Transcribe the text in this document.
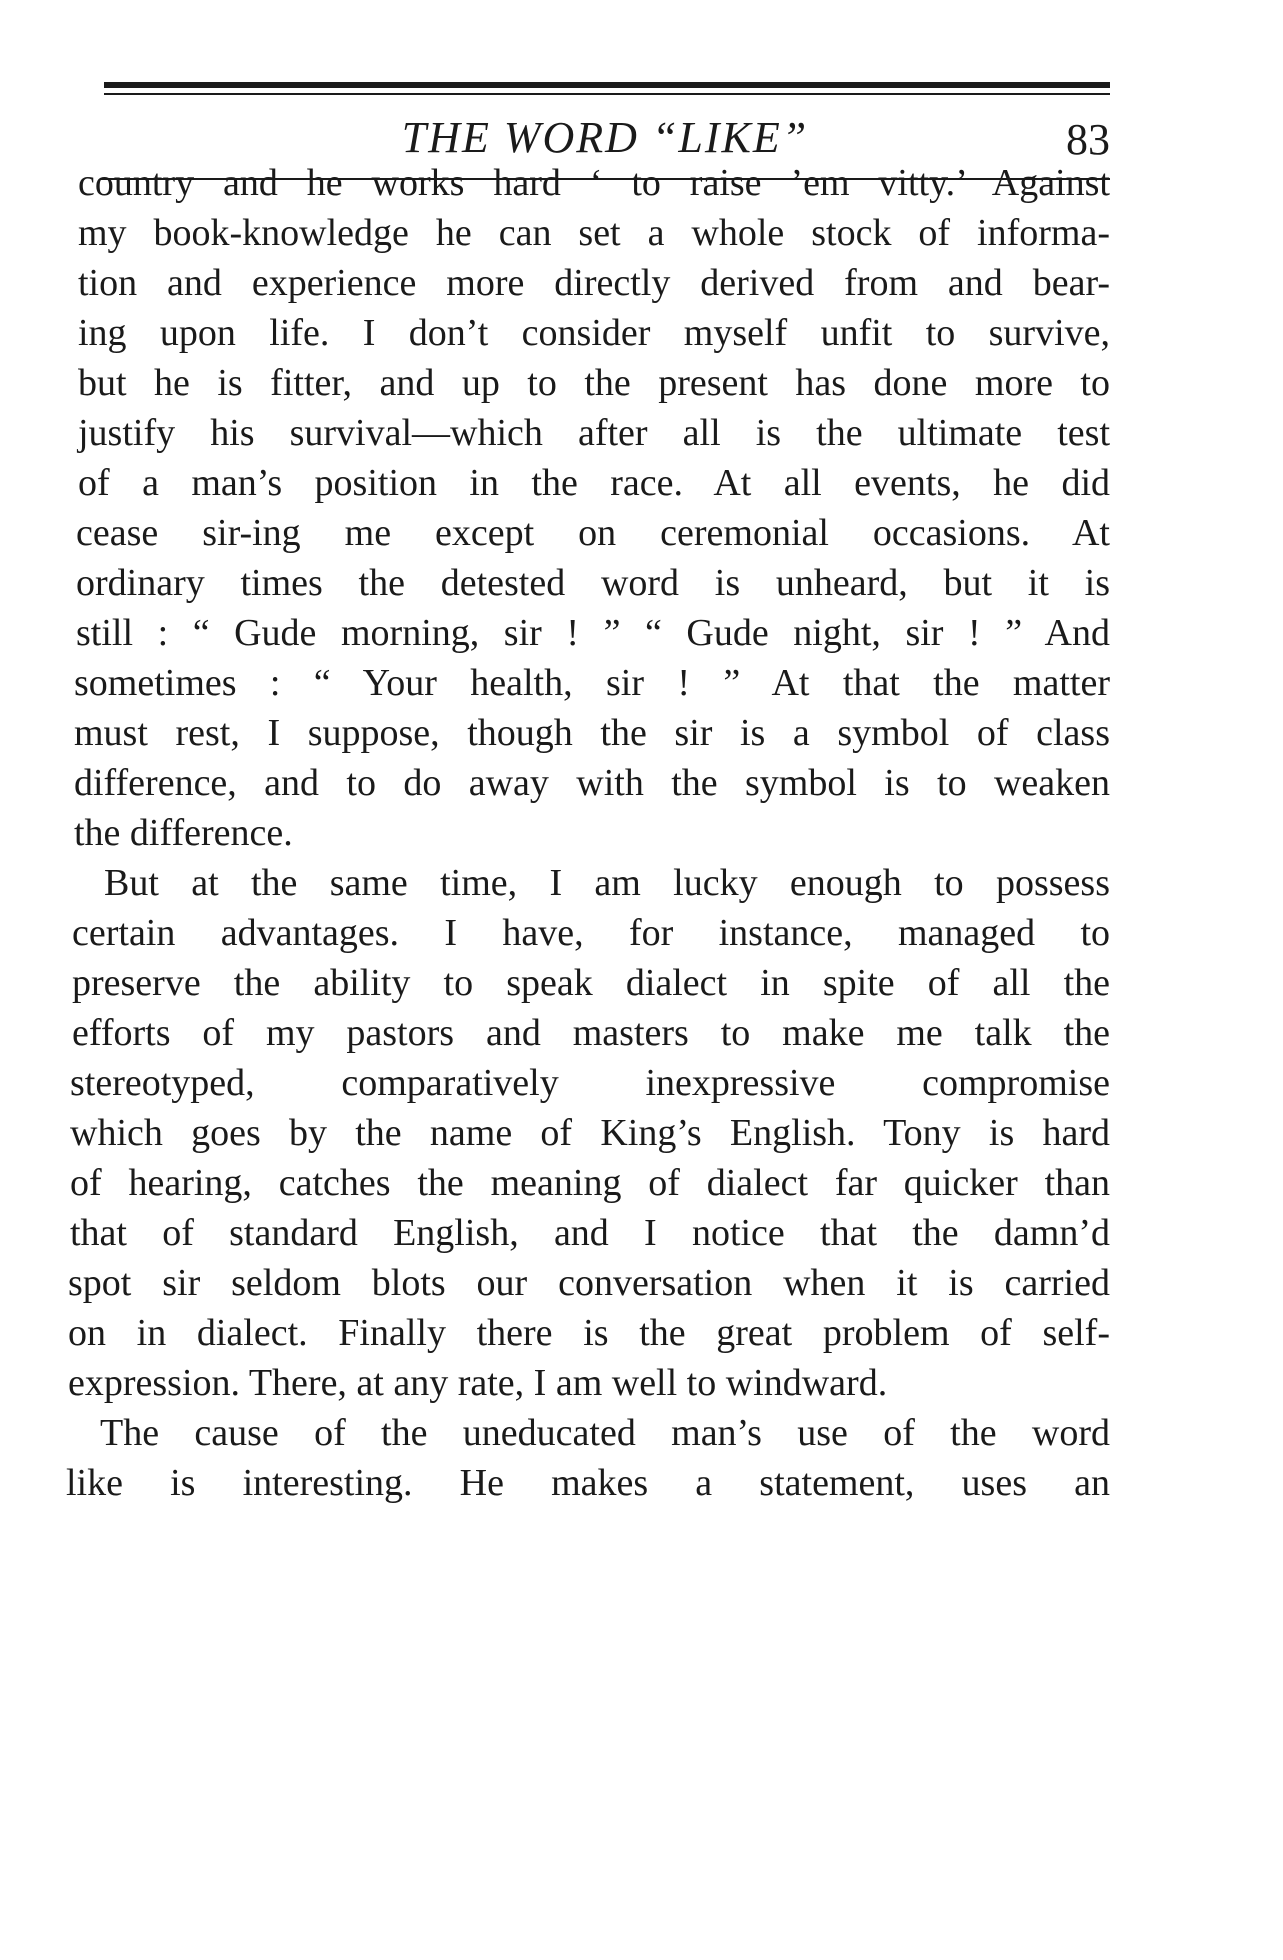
THE WORD “LIKE”	83
country and he works hard ‘ to raise ’em vitty.’ Against
my book-knowledge he can set a whole stock of informa-
tion and experience more directly derived from and bear-
ing upon life. I don’t consider myself unfit to survive,
but he is fitter, and up to the present has done more to
justify his survival—which after all is the ultimate test
of a man’s position in the race. At all events, he did
cease sir-ing me except on ceremonial occasions. At
ordinary times the detested word is unheard, but it is
still : “ Gude morning, sir ! ” “ Gude night, sir ! ” And
sometimes : “ Your health, sir ! ” At that the matter
must rest, I suppose, though the sir is a symbol of class
difference, and to do away with the symbol is to weaken
the difference.
But at the same time, I am lucky enough to possess
certain advantages. I have, for instance, managed to
preserve the ability to speak dialect in spite of all the
efforts of my pastors and masters to make me talk the
stereotyped, comparatively inexpressive compromise
which goes by the name of King’s English. Tony is hard
of hearing, catches the meaning of dialect far quicker than
that of standard English, and I notice that the damn’d
spot sir seldom blots our conversation when it is carried
on in dialect. Finally there is the great problem of self-
expression. There, at any rate, I am well to windward.
The cause of the uneducated man’s use of the word
like is interesting. He makes a statement, uses an
